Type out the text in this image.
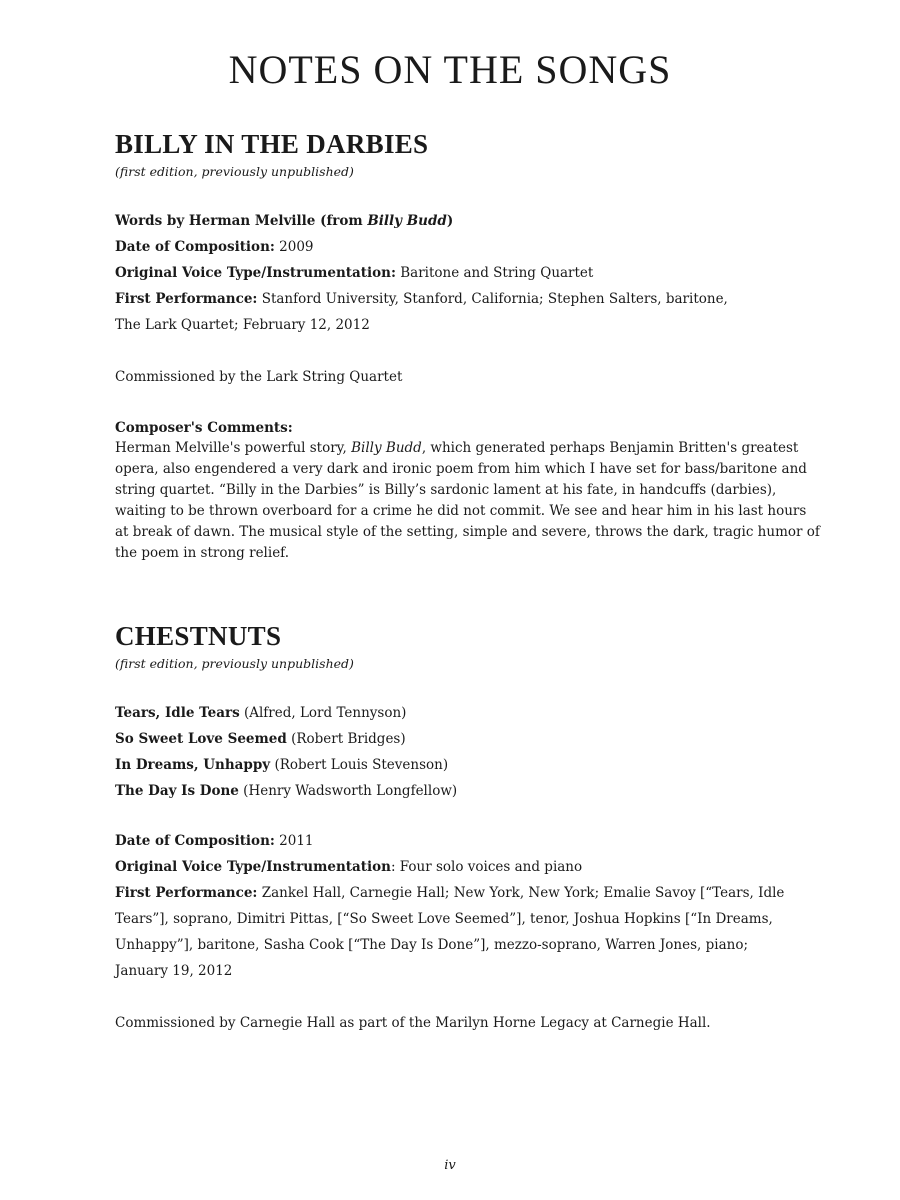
NOTES ON THE SONGS
BILLY IN THE DARBIES
(first edition, previously unpublished)
Words by Herman Melville (from Billy Budd)
Date of Composition: 2009
Original Voice Type/Instrumentation: Baritone and String Quartet
First Performance: Stanford University, Stanford, California; Stephen Salters, baritone,
The Lark Quartet; February 12, 2012
Commissioned by the Lark String Quartet
Composer's Comments:
Herman Melville's powerful story, Billy Budd, which generated perhaps Benjamin Britten's greatest
opera, also engendered a very dark and ironic poem from him which I have set for bass/baritone and
string quartet. “Billy in the Darbies” is Billy’s sardonic lament at his fate, in handcuffs (darbies),
waiting to be thrown overboard for a crime he did not commit. We see and hear him in his last hours
at break of dawn. The musical style of the setting, simple and severe, throws the dark, tragic humor of
the poem in strong relief.
CHESTNUTS
(first edition, previously unpublished)
Tears, Idle Tears (Alfred, Lord Tennyson)
So Sweet Love Seemed (Robert Bridges)
In Dreams, Unhappy (Robert Louis Stevenson)
The Day Is Done (Henry Wadsworth Longfellow)
Date of Composition: 2011
Original Voice Type/Instrumentation: Four solo voices and piano
First Performance: Zankel Hall, Carnegie Hall; New York, New York; Emalie Savoy [“Tears, Idle
Tears”], soprano, Dimitri Pittas, [“So Sweet Love Seemed”], tenor, Joshua Hopkins [“In Dreams,
Unhappy”], baritone, Sasha Cook [“The Day Is Done”], mezzo-soprano, Warren Jones, piano;
January 19, 2012
Commissioned by Carnegie Hall as part of the Marilyn Horne Legacy at Carnegie Hall.
iv
